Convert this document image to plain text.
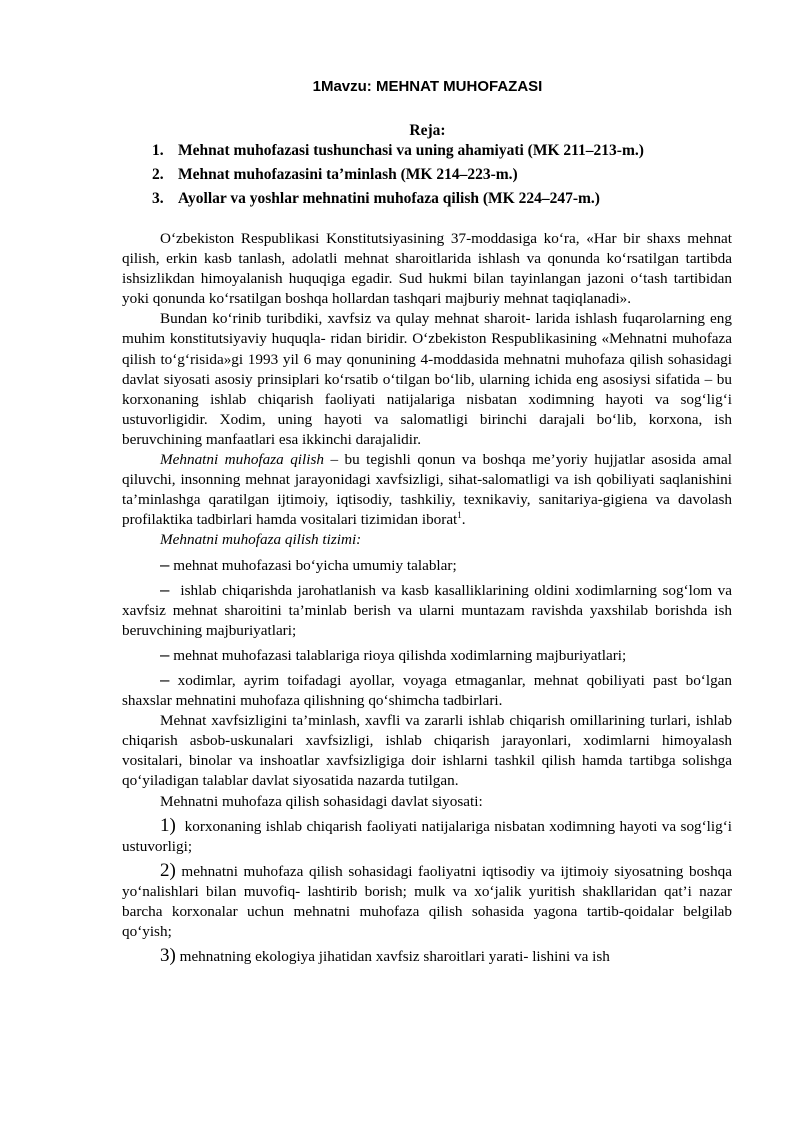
1Mavzu: MEHNAT MUHOFAZASI
Reja:
1. Mehnat muhofazasi tushunchasi va uning ahamiyati (MK 211–213-m.)
2. Mehnat muhofazasini ta’minlash (MK 214–223-m.)
3. Ayollar va yoshlar mehnatini muhofaza qilish (MK 224–247-m.)

O‘zbekiston Respublikasi Konstitutsiyasining 37-moddasiga ko‘ra, «Har bir shaxs mehnat qilish, erkin kasb tanlash, adolatli mehnat sharoitlarida ishlash va qonunda ko‘rsatilgan tartibda ishsizlikdan himoyalanish huquqiga egadir. Sud hukmi bilan tayinlangan jazoni o‘tash tartibidan yoki qonunda ko‘rsatilgan boshqa hollardan tashqari majburiy mehnat taqiqlanadi».

Bundan ko‘rinib turibdiki, xavfsiz va qulay mehnat sharoit- larida ishlash fuqarolarning eng muhim konstitutsiyaviy huquqla- ridan biridir. O‘zbekiston Respublikasining «Mehnatni muhofaza qilish to‘g‘risida»gi 1993 yil 6 may qonunining 4-moddasida mehnatni muhofaza qilish sohasidagi davlat siyosati asosiy prinsiplari ko‘rsatib o‘tilgan bo‘lib, ularning ichida eng asosiysi sifatida – bu korxonaning ishlab chiqarish faoliyati natijalariga nisbatan xodimning hayoti va sog‘lig‘i ustuvorligidir. Xodim, uning hayoti va salomatligi birinchi darajali bo‘lib, korxona, ish beruvchining manfaatlari esa ikkinchi darajalidir.

Mehnatni muhofaza qilish – bu tegishli qonun va boshqa me’yoriy hujjatlar asosida amal qiluvchi, insonning mehnat jarayonidagi xavfsizligi, sihat-salomatligi va ish qobiliyati saqlanishini ta’minlashga qaratilgan ijtimoiy, iqtisodiy, tashkiliy, texnikaviy, sanitariya-gigiena va davolash profilaktika tadbirlari hamda vositalari tizimidan iborat$^1$.

Mehnatni muhofaza qilish tizimi:

– mehnat muhofazasi bo‘yicha umumiy talablar;

– ishlab chiqarishda jarohatlanish va kasb kasalliklarining oldini xodimlarning sog‘lom va xavfsiz mehnat sharoitini ta’minlab berish va ularni muntazam ravishda yaxshilab borishda ish beruvchining majburiyatlari;

– mehnat muhofazasi talablariga rioya qilishda xodimlarning majburiyatlari;

– xodimlar, ayrim toifadagi ayollar, voyaga etmaganlar, mehnat qobiliyati past bo‘lgan shaxslar mehnatini muhofaza qilishning qo‘shimcha tadbirlari.

Mehnat xavfsizligini ta’minlash, xavfli va zararli ishlab chiqarish omillarining turlari, ishlab chiqarish asbob-uskunalari xavfsizligi, ishlab chiqarish jarayonlari, xodimlarni himoyalash vositalari, binolar va inshoatlar xavfsizligiga doir ishlarni tashkil qilish hamda tartibga solishga qo‘yiladigan talablar davlat siyosatida nazarda tutilgan.

Mehnatni muhofaza qilish sohasidagi davlat siyosati:

1) korxonaning ishlab chiqarish faoliyati natijalariga nisbatan xodimning hayoti va sog‘lig‘i ustuvorligi;

2) mehnatni muhofaza qilish sohasidagi faoliyatni iqtisodiy va ijtimoiy siyosatning boshqa yo‘nalishlari bilan muvofiq- lashtirib borish; mulk va xo‘jalik yuritish shakllaridan qat’i nazar barcha korxonalar uchun mehnatni muhofaza qilish sohasida yagona tartib-qoidalar belgilab qo‘yish;

3) mehnatning ekologiya jihatidan xavfsiz sharoitlari yarati- lishini va ish
